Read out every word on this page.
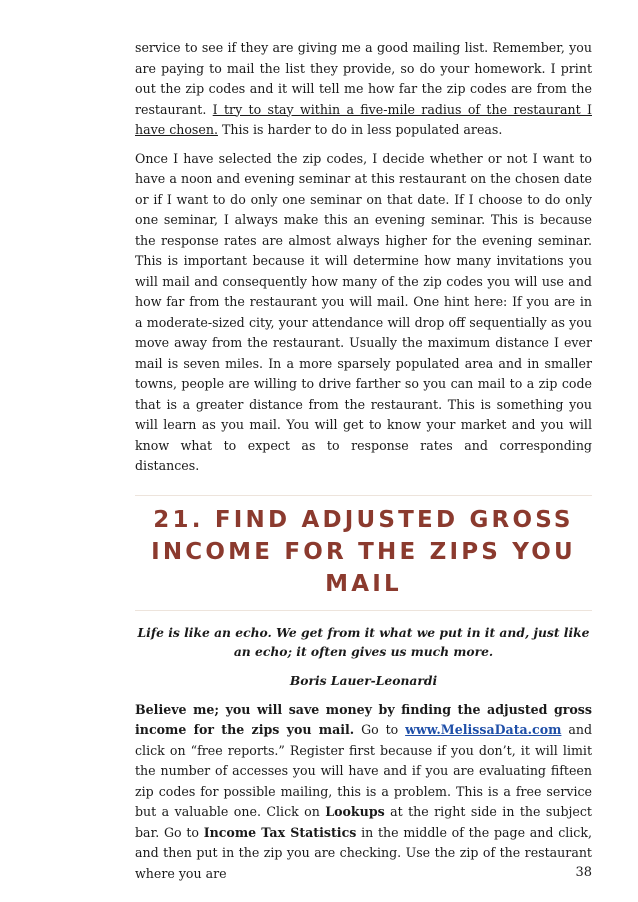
service to see if they are giving me a good mailing list. Remember, you are paying to mail the list they provide, so do your homework. I print out the zip codes and it will tell me how far the zip codes are from the restaurant. I try to stay within a five-mile radius of the restaurant I have chosen. This is harder to do in less populated areas.

Once I have selected the zip codes, I decide whether or not I want to have a noon and evening seminar at this restaurant on the chosen date or if I want to do only one seminar on that date. If I choose to do only one seminar, I always make this an evening seminar. This is because the response rates are almost always higher for the evening seminar. This is important because it will determine how many invitations you will mail and consequently how many of the zip codes you will use and how far from the restaurant you will mail. One hint here: If you are in a moderate-sized city, your attendance will drop off sequentially as you move away from the restaurant. Usually the maximum distance I ever mail is seven miles. In a more sparsely populated area and in smaller towns, people are willing to drive farther so you can mail to a zip code that is a greater distance from the restaurant. This is something you will learn as you mail. You will get to know your market and you will know what to expect as to response rates and corresponding distances.

21. FIND ADJUSTED GROSS INCOME FOR THE ZIPS YOU MAIL

Life is like an echo. We get from it what we put in it and, just like an echo; it often gives us much more.

Boris Lauer-Leonardi

Believe me; you will save money by finding the adjusted gross income for the zips you mail. Go to www.MelissaData.com and click on “free reports.” Register first because if you don’t, it will limit the number of accesses you will have and if you are evaluating fifteen zip codes for possible mailing, this is a problem. This is a free service but a valuable one. Click on Lookups at the right side in the subject bar. Go to Income Tax Statistics in the middle of the page and click, and then put in the zip you are checking. Use the zip of the restaurant where you are	38
